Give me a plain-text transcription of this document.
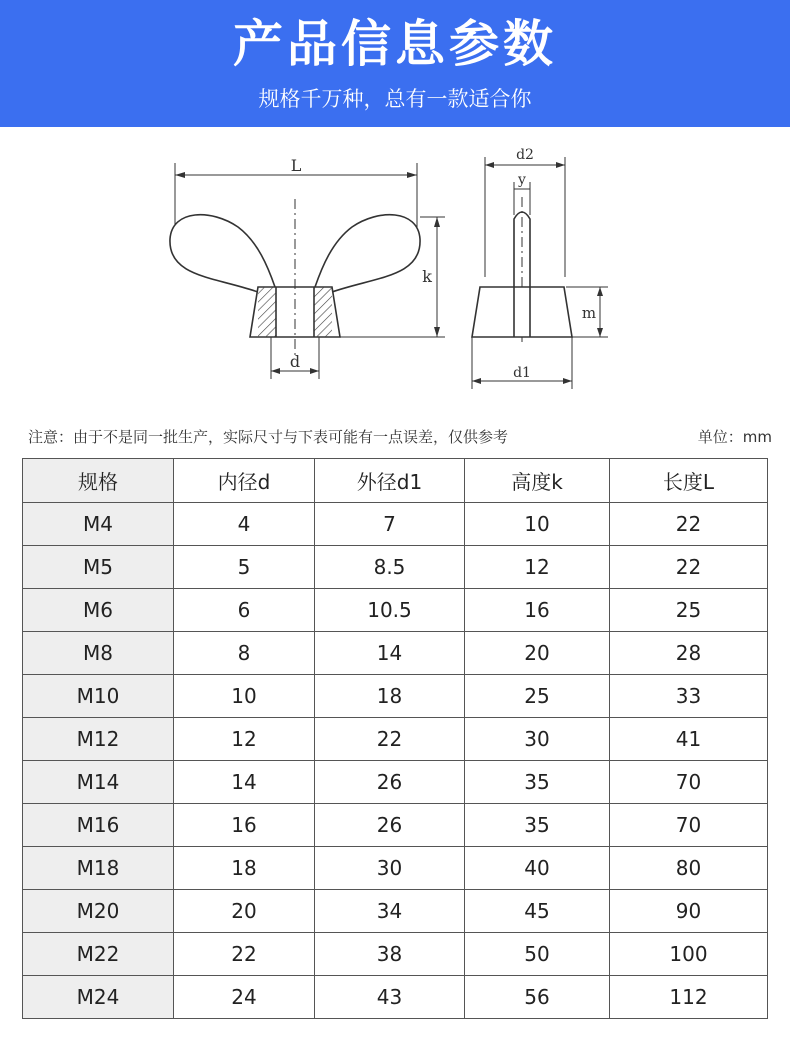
产品信息参数
规格千万种，总有一款适合你
L
k
d
d2
y
m
d1
注意：由于不是同一批生产，实际尺寸与下表可能有一点误差，仅供参考	单位：mm
规格	内径d	外径d1	高度k	长度L
M4	4	7	10	22
M5	5	8.5	12	22
M6	6	10.5	16	25
M8	8	14	20	28
M10	10	18	25	33
M12	12	22	30	41
M14	14	26	35	70
M16	16	26	35	70
M18	18	30	40	80
M20	20	34	45	90
M22	22	38	50	100
M24	24	43	56	112
